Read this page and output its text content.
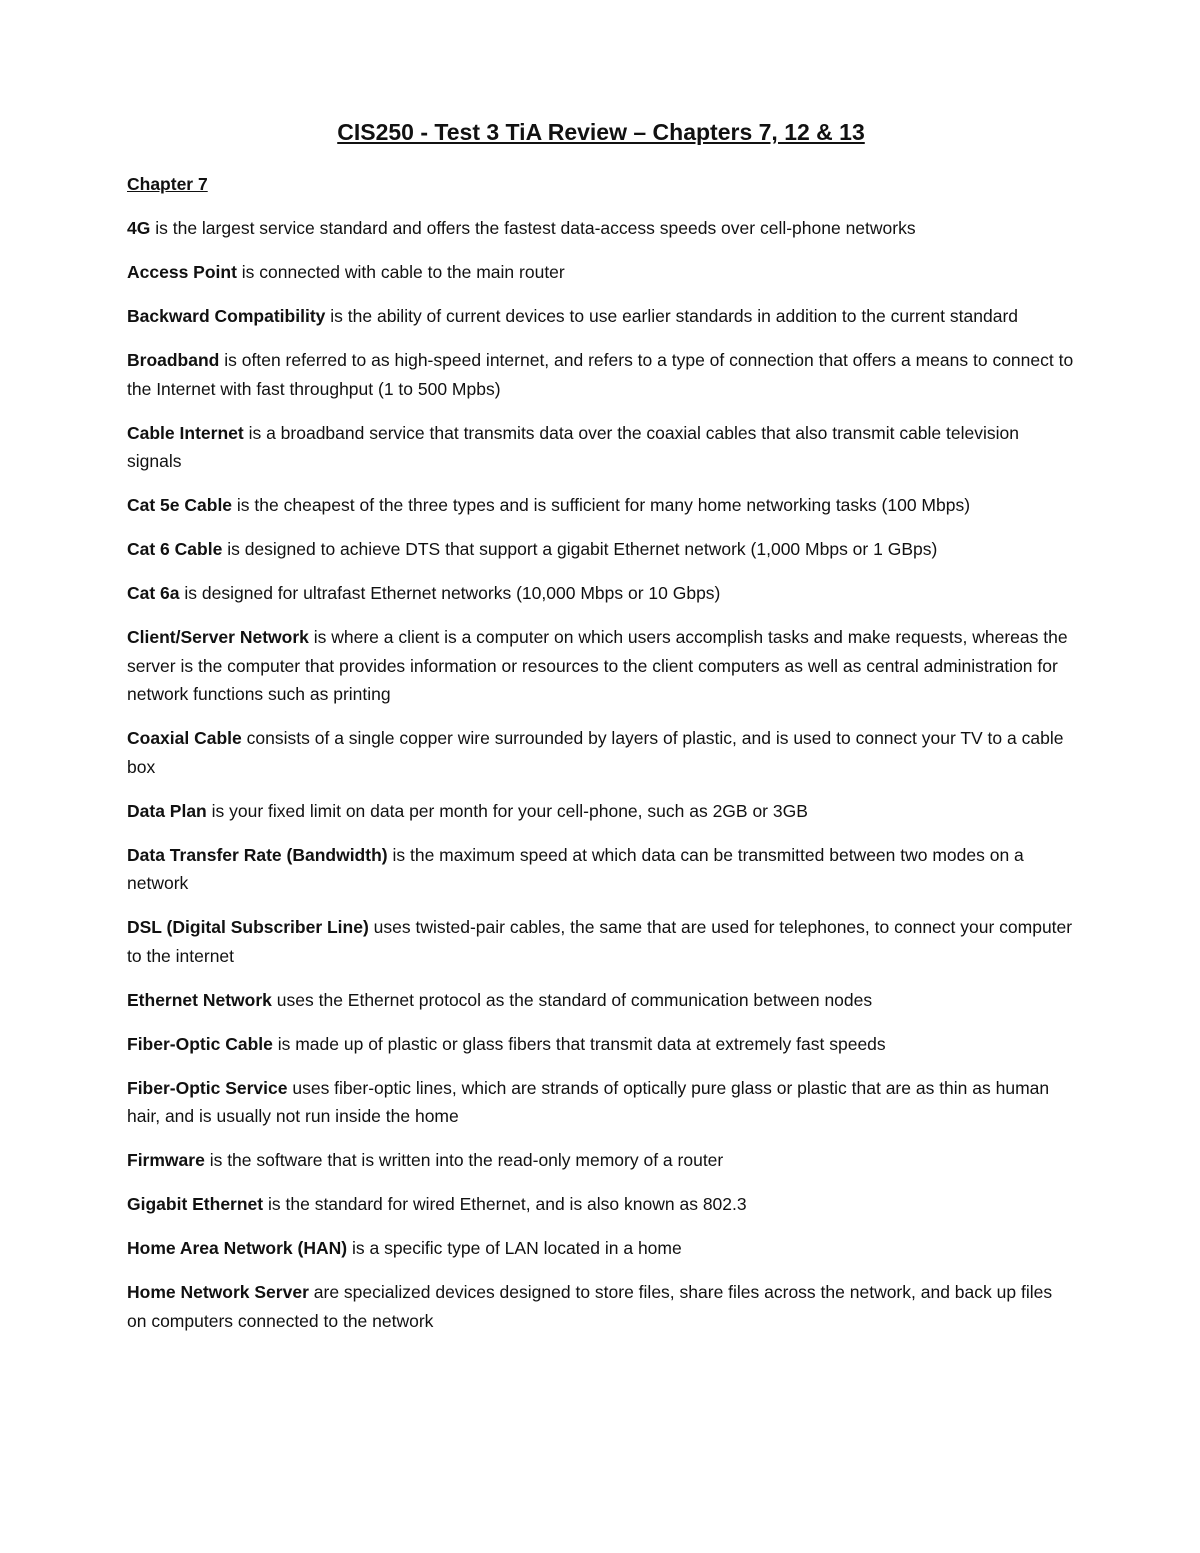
CIS250 - Test 3 TiA Review – Chapters 7, 12 & 13
Chapter 7
4G is the largest service standard and offers the fastest data-access speeds over cell-phone networks
Access Point is connected with cable to the main router
Backward Compatibility is the ability of current devices to use earlier standards in addition to the current standard
Broadband is often referred to as high-speed internet, and refers to a type of connection that offers a means to connect to the Internet with fast throughput (1 to 500 Mpbs)
Cable Internet is a broadband service that transmits data over the coaxial cables that also transmit cable television signals
Cat 5e Cable is the cheapest of the three types and is sufficient for many home networking tasks (100 Mbps)
Cat 6 Cable is designed to achieve DTS that support a gigabit Ethernet network (1,000 Mbps or 1 GBps)
Cat 6a is designed for ultrafast Ethernet networks (10,000 Mbps or 10 Gbps)
Client/Server Network is where a client is a computer on which users accomplish tasks and make requests, whereas the server is the computer that provides information or resources to the client computers as well as central administration for network functions such as printing
Coaxial Cable consists of a single copper wire surrounded by layers of plastic, and is used to connect your TV to a cable box
Data Plan is your fixed limit on data per month for your cell-phone, such as 2GB or 3GB
Data Transfer Rate (Bandwidth) is the maximum speed at which data can be transmitted between two modes on a network
DSL (Digital Subscriber Line) uses twisted-pair cables, the same that are used for telephones, to connect your computer to the internet
Ethernet Network uses the Ethernet protocol as the standard of communication between nodes
Fiber-Optic Cable is made up of plastic or glass fibers that transmit data at extremely fast speeds
Fiber-Optic Service uses fiber-optic lines, which are strands of optically pure glass or plastic that are as thin as human hair, and is usually not run inside the home
Firmware is the software that is written into the read-only memory of a router
Gigabit Ethernet is the standard for wired Ethernet, and is also known as 802.3
Home Area Network (HAN) is a specific type of LAN located in a home
Home Network Server are specialized devices designed to store files, share files across the network, and back up files on computers connected to the network
